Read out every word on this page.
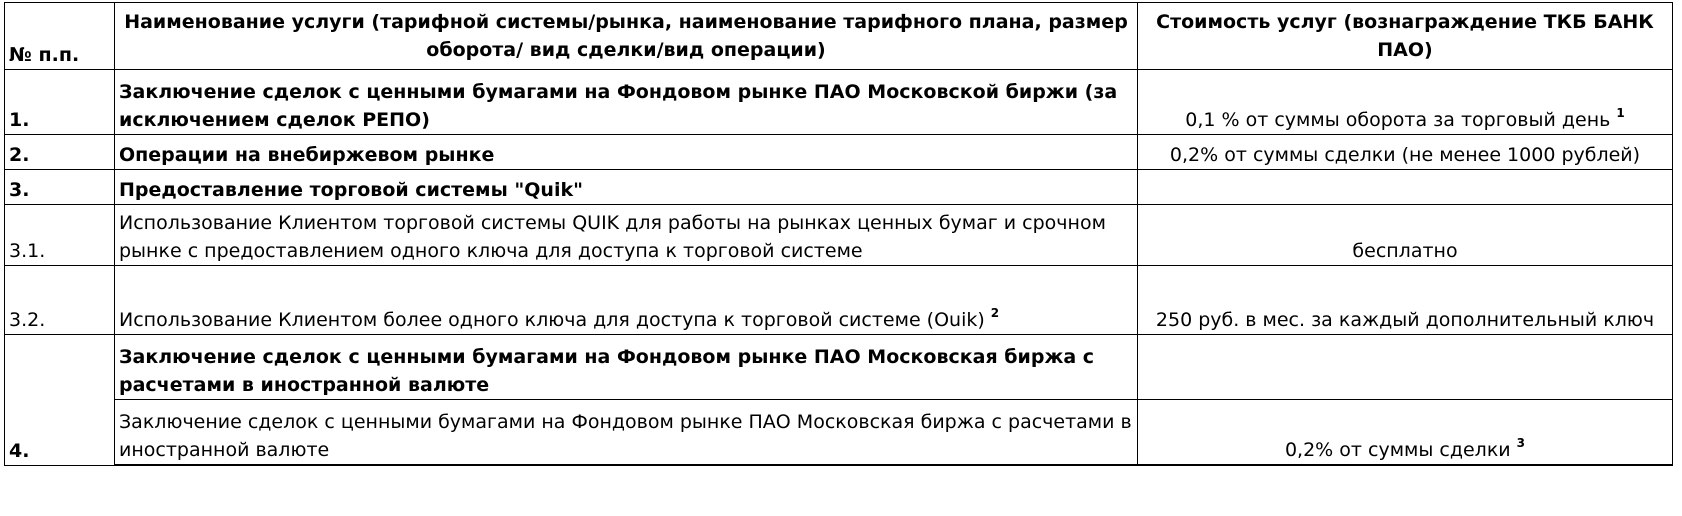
№ п.п.	Наименование услуги (тарифной системы/рынка, наименование тарифного плана, размер оборота/ вид сделки/вид операции)	Стоимость услуг (вознаграждение ТКБ БАНК ПАО)
1.	Заключение сделок с ценными бумагами на Фондовом рынке ПАО Московской биржи (за исключением сделок РЕПО)	0,1 % от суммы оборота за торговый день $^1$
2.	Операции на внебиржевом рынке	0,2% от суммы сделки (не менее 1000 рублей)
3.	Предоставление торговой системы "Quik"	
3.1.	Использование Клиентом торговой системы QUIK для работы на рынках ценных бумаг и срочном рынке с предоставлением одного ключа для доступа к торговой системе	бесплатно
3.2.	Использование Клиентом более одного ключа для доступа к торговой системе (Ouik) $^2$	250 руб. в мес. за каждый дополнительный ключ
4.	Заключение сделок с ценными бумагами на Фондовом рынке ПАО Московская биржа с расчетами в иностранной валюте	
	Заключение сделок с ценными бумагами на Фондовом рынке ПАО Московская биржа с расчетами в иностранной валюте	0,2% от суммы сделки $^3$
